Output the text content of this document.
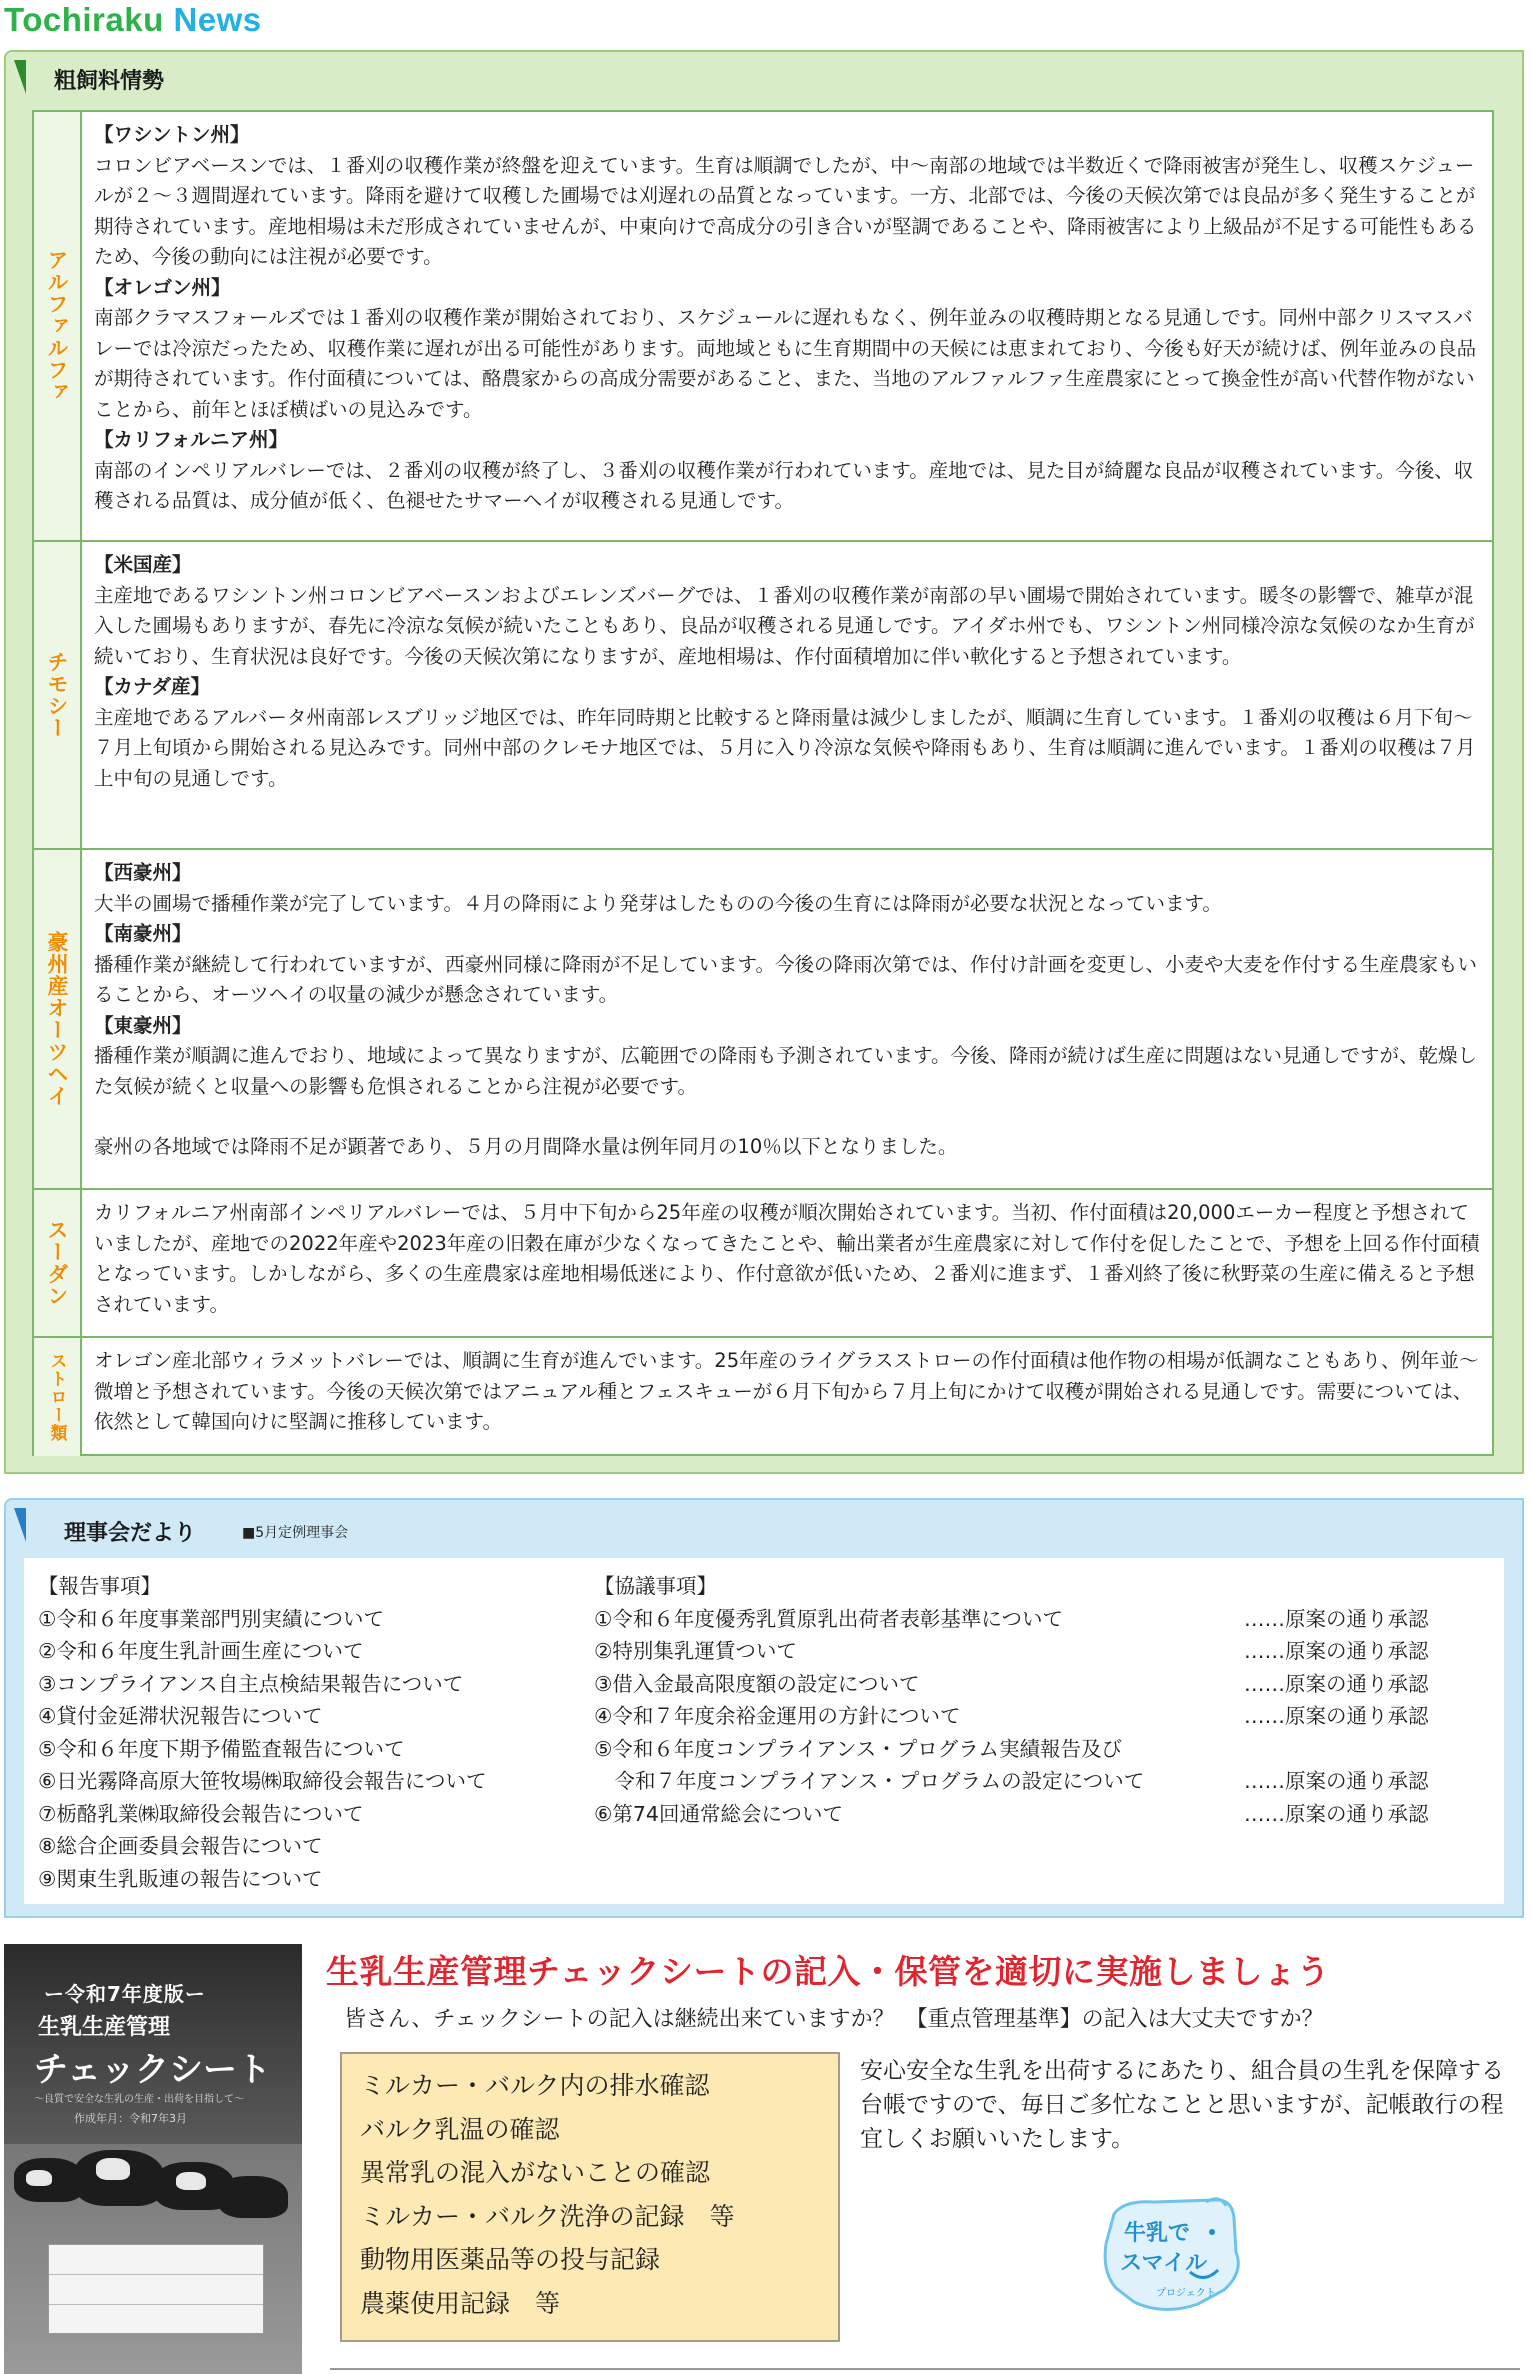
Tochiraku News
粗飼料情勢
アルファルファ

【ワシントン州】

コロンビアベースンでは、１番刈の収穫作業が終盤を迎えています。生育は順調でしたが、中〜南部の地域では半数近くで降雨被害が発生し、収穫スケジュールが２〜３週間遅れています。降雨を避けて収穫した圃場では刈遅れの品質となっています。一方、北部では、今後の天候次第では良品が多く発生することが期待されています。産地相場は未だ形成されていませんが、中東向けで高成分の引き合いが堅調であることや、降雨被害により上級品が不足する可能性もあるため、今後の動向には注視が必要です。

【オレゴン州】

南部クラマスフォールズでは１番刈の収穫作業が開始されており、スケジュールに遅れもなく、例年並みの収穫時期となる見通しです。同州中部クリスマスバレーでは冷涼だったため、収穫作業に遅れが出る可能性があります。両地域ともに生育期間中の天候には恵まれており、今後も好天が続けば、例年並みの良品が期待されています。作付面積については、酪農家からの高成分需要があること、また、当地のアルファルファ生産農家にとって換金性が高い代替作物がないことから、前年とほぼ横ばいの見込みです。

【カリフォルニア州】

南部のインペリアルバレーでは、２番刈の収穫が終了し、３番刈の収穫作業が行われています。産地では、見た目が綺麗な良品が収穫されています。今後、収穫される品質は、成分値が低く、色褪せたサマーヘイが収穫される見通しです。

チモシー

【米国産】

主産地であるワシントン州コロンビアベースンおよびエレンズバーグでは、１番刈の収穫作業が南部の早い圃場で開始されています。暖冬の影響で、雑草が混入した圃場もありますが、春先に冷涼な気候が続いたこともあり、良品が収穫される見通しです。アイダホ州でも、ワシントン州同様冷涼な気候のなか生育が続いており、生育状況は良好です。今後の天候次第になりますが、産地相場は、作付面積増加に伴い軟化すると予想されています。

【カナダ産】

主産地であるアルバータ州南部レスブリッジ地区では、昨年同時期と比較すると降雨量は減少しましたが、順調に生育しています。１番刈の収穫は６月下旬〜７月上旬頃から開始される見込みです。同州中部のクレモナ地区では、５月に入り冷涼な気候や降雨もあり、生育は順調に進んでいます。１番刈の収穫は７月上中旬の見通しです。

豪州産オーツヘイ

【西豪州】

大半の圃場で播種作業が完了しています。４月の降雨により発芽はしたものの今後の生育には降雨が必要な状況となっています。

【南豪州】

播種作業が継続して行われていますが、西豪州同様に降雨が不足しています。今後の降雨次第では、作付け計画を変更し、小麦や大麦を作付する生産農家もいることから、オーツヘイの収量の減少が懸念されています。

【東豪州】

播種作業が順調に進んでおり、地域によって異なりますが、広範囲での降雨も予測されています。今後、降雨が続けば生産に問題はない見通しですが、乾燥した気候が続くと収量への影響も危惧されることから注視が必要です。

豪州の各地域では降雨不足が顕著であり、５月の月間降水量は例年同月の10％以下となりました。

スーダン

カリフォルニア州南部インペリアルバレーでは、５月中下旬から25年産の収穫が順次開始されています。当初、作付面積は20,000エーカー程度と予想されていましたが、産地での2022年産や2023年産の旧穀在庫が少なくなってきたことや、輸出業者が生産農家に対して作付を促したことで、予想を上回る作付面積となっています。しかしながら、多くの生産農家は産地相場低迷により、作付意欲が低いため、２番刈に進まず、１番刈終了後に秋野菜の生産に備えると予想されています。

ストロー類 オレゴン産北部ウィラメットバレーでは、順調に生育が進んでいます。25年産のライグラスストローの作付面積は他作物の相場が低調なこともあり、例年並〜微増と予想されています。今後の天候次第ではアニュアル種とフェスキューが６月下旬から７月上旬にかけて収穫が開始される見通しです。需要については、依然として韓国向けに堅調に推移しています。

理事会だより	■5月定例理事会
【報告事項】
①令和６年度事業部門別実績について
②令和６年度生乳計画生産について
③コンプライアンス自主点検結果報告について
④貸付金延滞状況報告について
⑤令和６年度下期予備監査報告について
⑥日光霧降高原大笹牧場㈱取締役会報告について
⑦栃酪乳業㈱取締役会報告について
⑧総合企画委員会報告について
⑨関東生乳販連の報告について
【協議事項】
①令和６年度優秀乳質原乳出荷者表彰基準について	……原案の通り承認
②特別集乳運賃ついて	……原案の通り承認
③借入金最高限度額の設定について	……原案の通り承認
④令和７年度余裕金運用の方針について	……原案の通り承認
⑤令和６年度コンプライアンス・プログラム実績報告及び
　令和７年度コンプライアンス・プログラムの設定について	……原案の通り承認
⑥第74回通常総会について	……原案の通り承認
ー令和7年度版ー
生乳生産管理
チェックシート
〜良質で安全な生乳の生産・出荷を目指して〜
作成年月：令和7年3月
生乳生産管理チェックシートの記入・保管を適切に実施しましょう

皆さん、チェックシートの記入は継続出来ていますか？　【重点管理基準】の記入は大丈夫ですか？

ミルカー・バルク内の排水確認
バルク乳温の確認
異常乳の混入がないことの確認
ミルカー・バルク洗浄の記録　等
動物用医薬品等の投与記録
農薬使用記録　等

安心安全な生乳を出荷するにあたり、組合員の生乳を保障する台帳ですので、毎日ご多忙なことと思いますが、記帳敢行の程宜しくお願いいたします。

牛乳で
スマイル
プロジェクト
